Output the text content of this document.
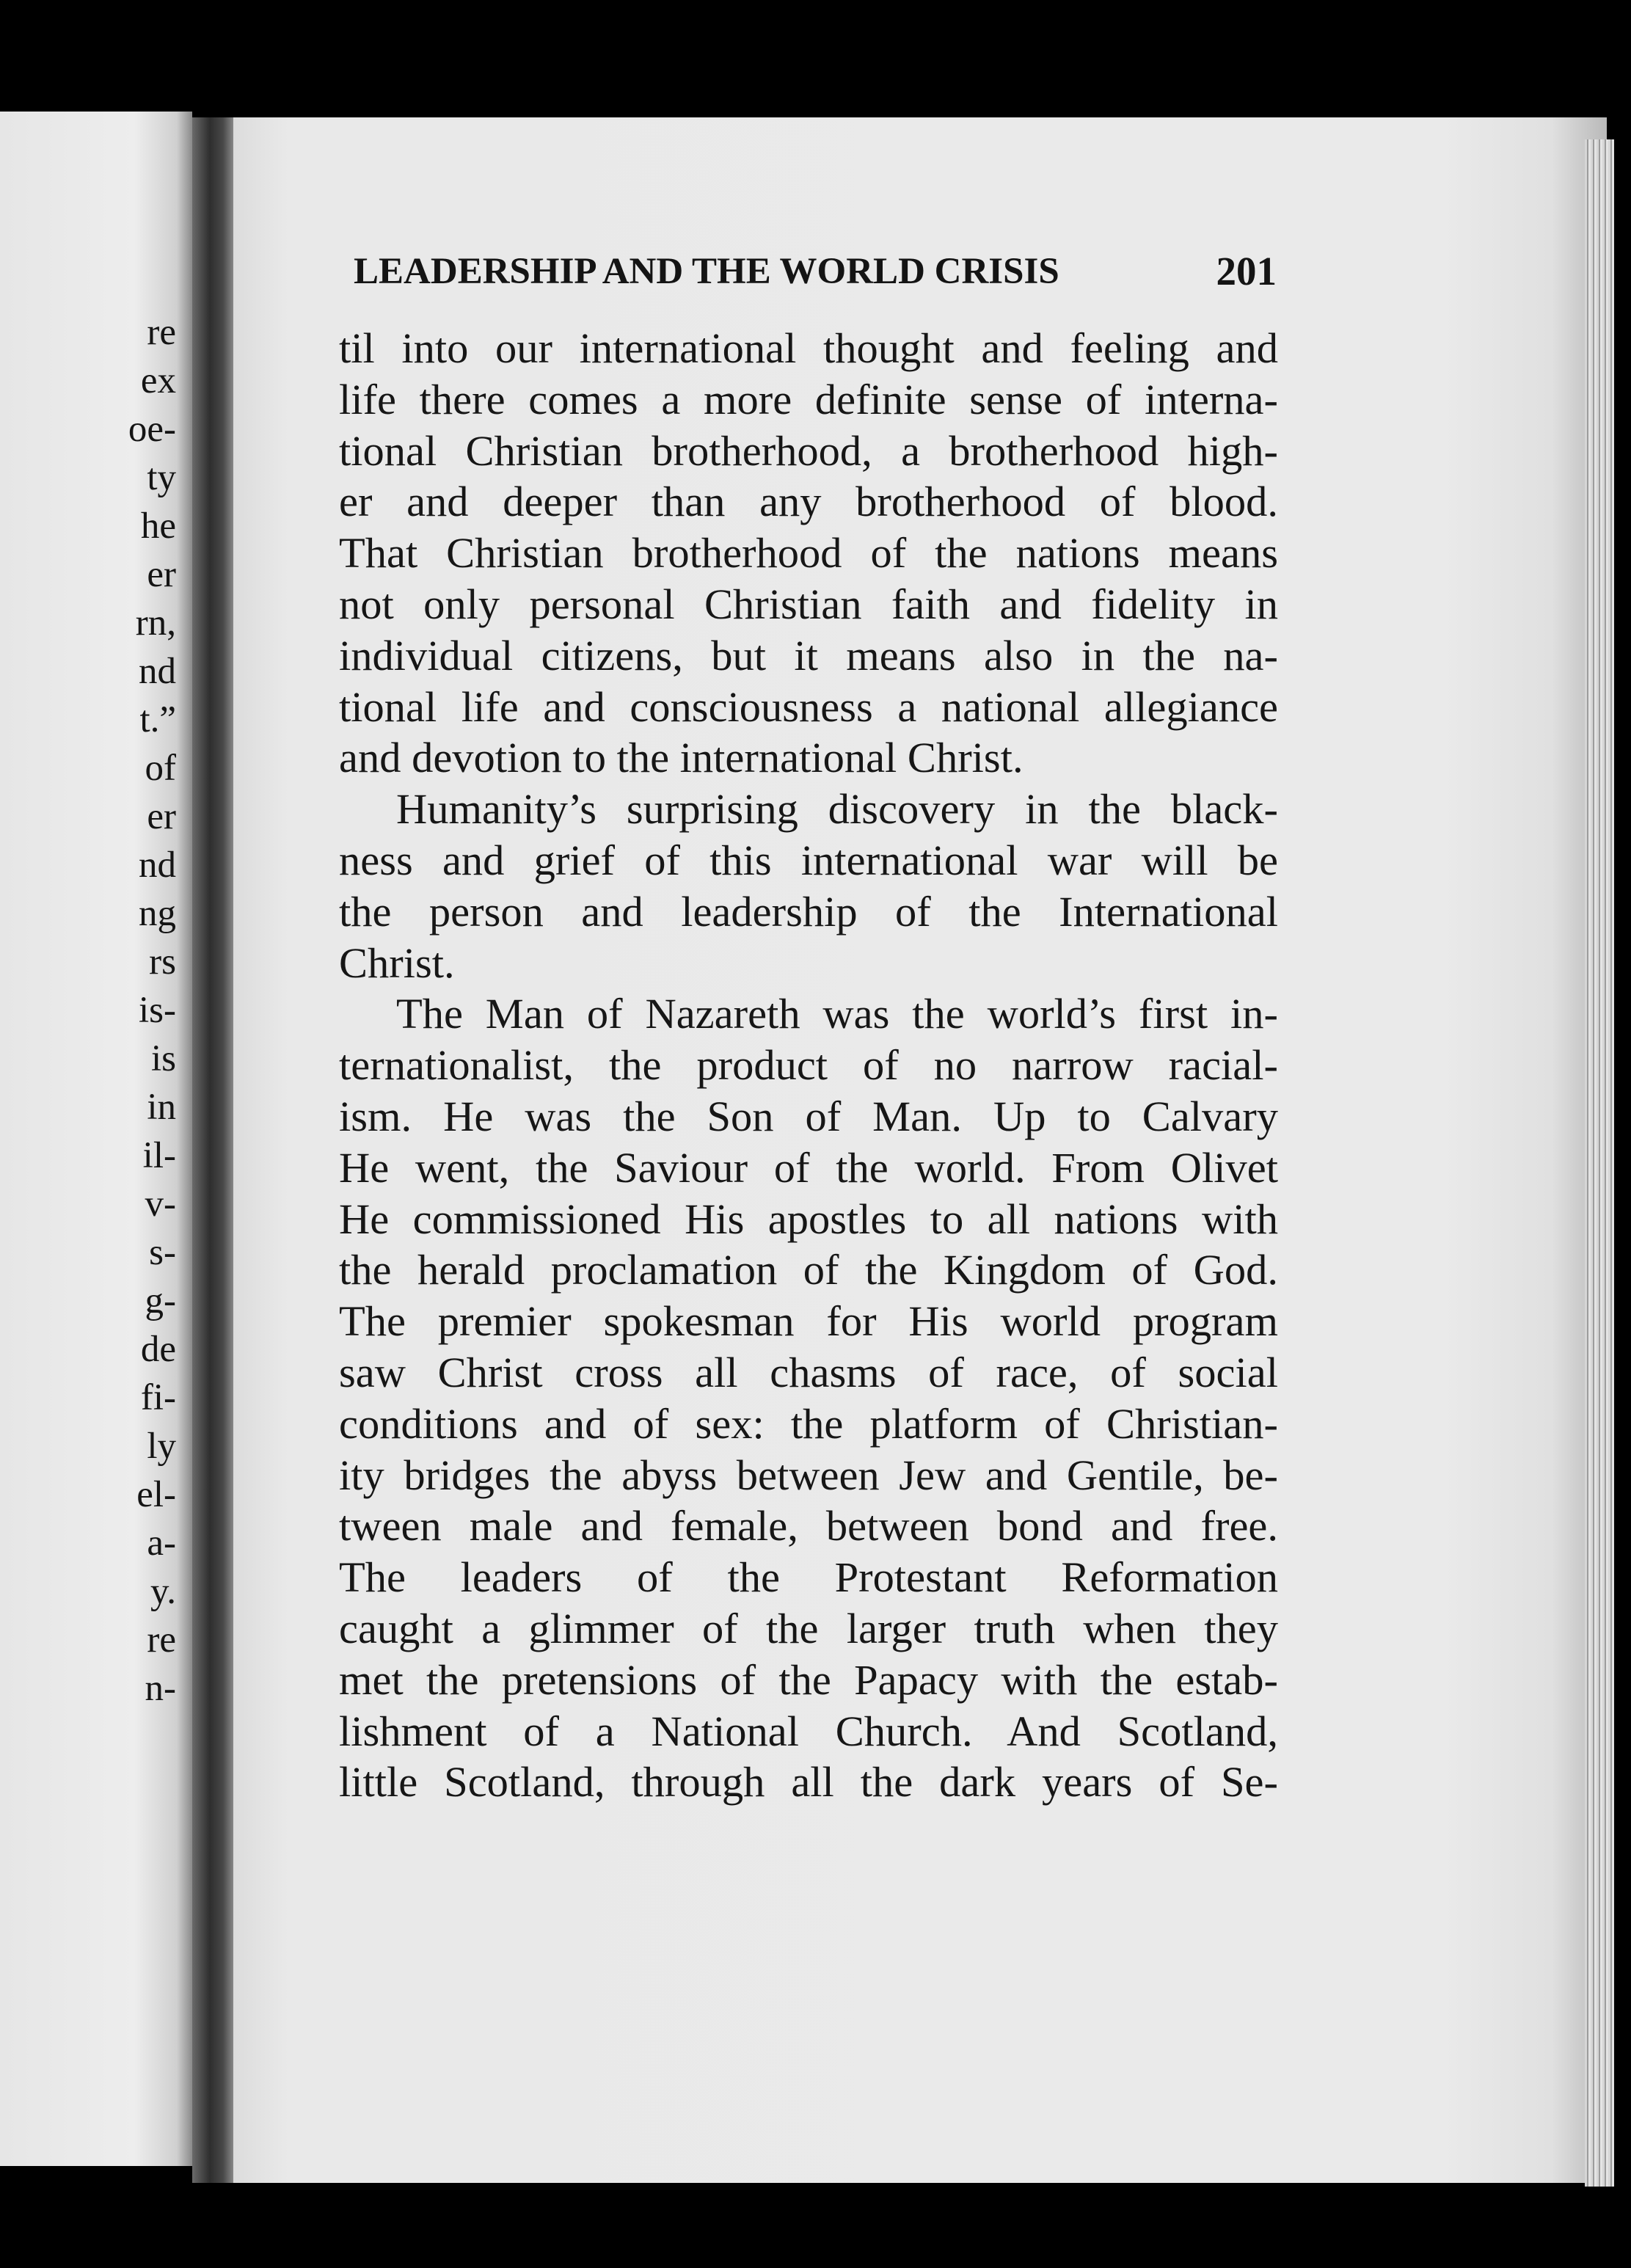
re
ex
oe-
ty
he
er
rn,
nd
t.”
of
er
nd
ng
rs
is-
is
in
il-
v-
s-
g-
de
fi-
ly
el-
a-
y.
re
n-
LEADERSHIP AND THE WORLD CRISIS	201
til into our international thought and feeling and
life there comes a more definite sense of interna-
tional Christian brotherhood, a brotherhood high-
er and deeper than any brotherhood of blood.
That Christian brotherhood of the nations means
not only personal Christian faith and fidelity in
individual citizens, but it means also in the na-
tional life and consciousness a national allegiance
and devotion to the international Christ.
Humanity’s surprising discovery in the black-
ness and grief of this international war will be
the person and leadership of the International
Christ.
The Man of Nazareth was the world’s first in-
ternationalist, the product of no narrow racial-
ism. He was the Son of Man. Up to Calvary
He went, the Saviour of the world. From Olivet
He commissioned His apostles to all nations with
the herald proclamation of the Kingdom of God.
The premier spokesman for His world program
saw Christ cross all chasms of race, of social
conditions and of sex: the platform of Christian-
ity bridges the abyss between Jew and Gentile, be-
tween male and female, between bond and free.
The leaders of the Protestant Reformation
caught a glimmer of the larger truth when they
met the pretensions of the Papacy with the estab-
lishment of a National Church. And Scotland,
little Scotland, through all the dark years of Se-
